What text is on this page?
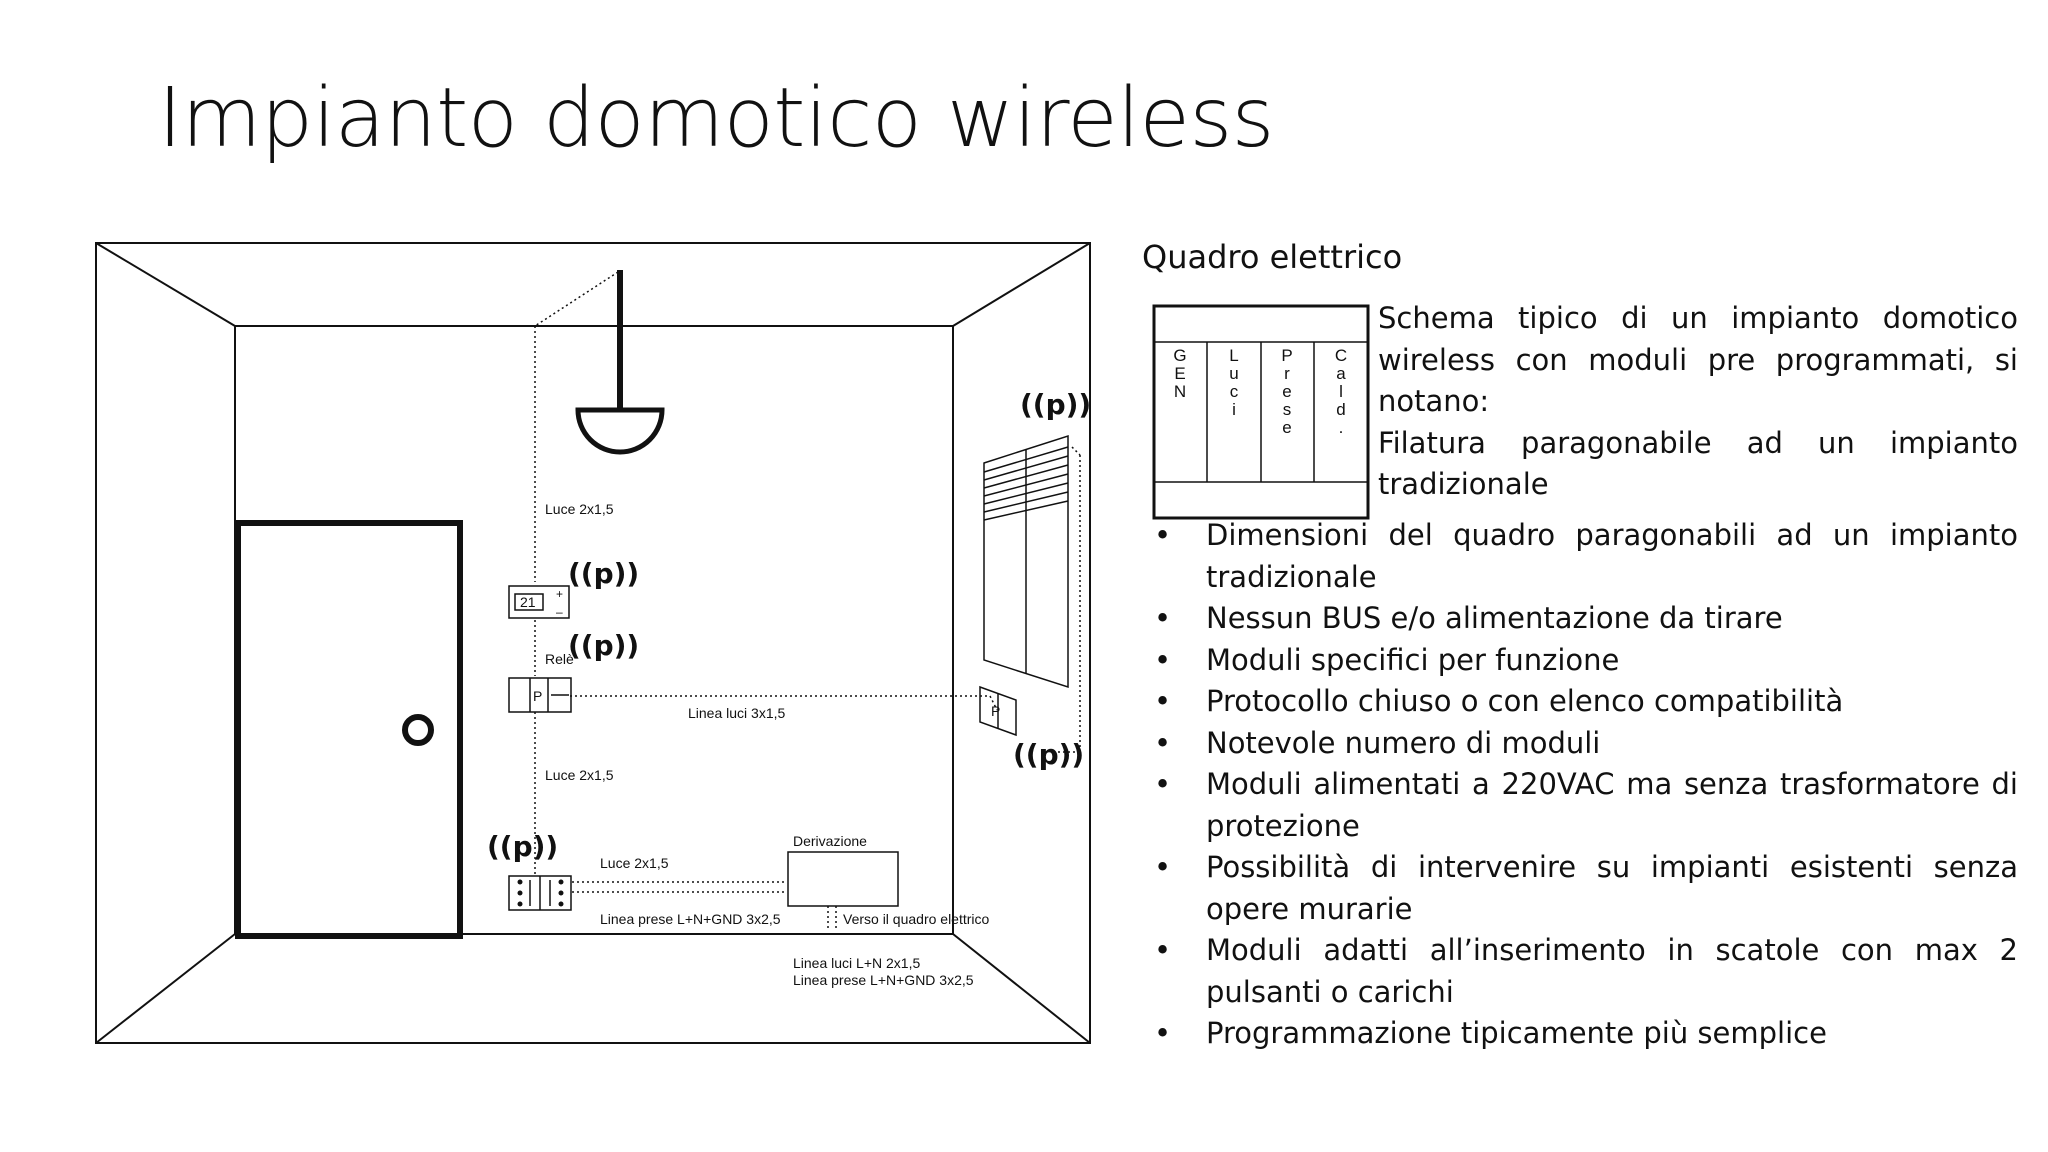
Impianto domotico wireless
P
21 +
–
P
Luce 2x1,5
Relè
Linea luci 3x1,5
Luce 2x1,5
Derivazione
Luce 2x1,5
Linea prese L+N+GND 3x2,5	Verso il quadro elettrico
Linea luci L+N 2x1,5
Linea prese L+N+GND 3x2,5
((p))
((p))
((p))
((p))
((p))
G
E
N
L
u
c
i
P
r
e
s
e
C
a
l
d
.
Quadro elettrico

Schema tipico di un impianto domotico wireless con moduli pre programmati, si notano:

Filatura paragonabile ad un impianto tradizionale

• Dimensioni del quadro paragonabili ad un impianto tradizionale
• Nessun BUS e/o alimentazione da tirare
• Moduli specifici per funzione
• Protocollo chiuso o con elenco compatibilità
• Notevole numero di moduli
• Moduli alimentati a 220VAC ma senza trasformatore di protezione
• Possibilità di intervenire su impianti esistenti senza opere murarie
• Moduli adatti all’inserimento in scatole con max 2 pulsanti o carichi
• Programmazione tipicamente più semplice
